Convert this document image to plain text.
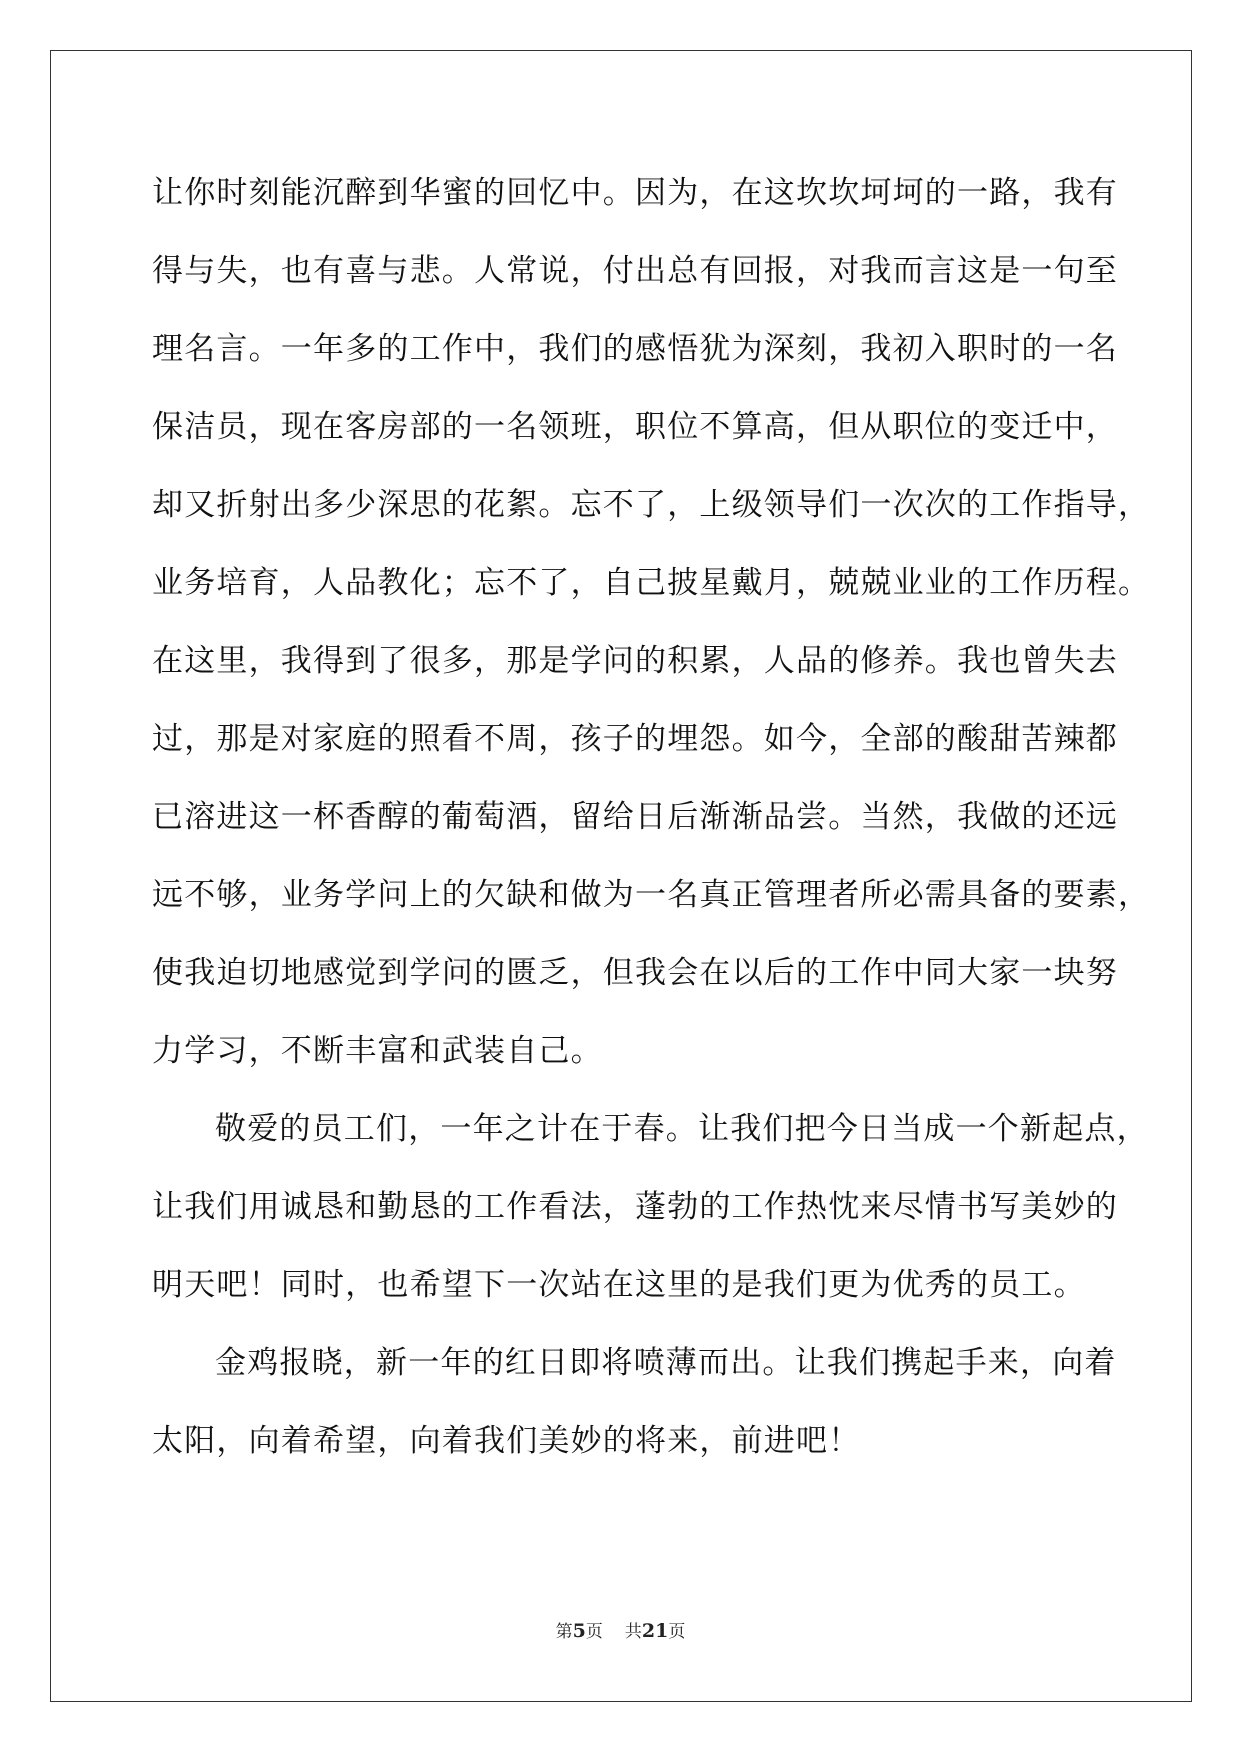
让你时刻能沉醉到华蜜的回忆中。因为，在这坎坎坷坷的一路，我有
得与失，也有喜与悲。人常说，付出总有回报，对我而言这是一句至
理名言。一年多的工作中，我们的感悟犹为深刻，我初入职时的一名
保洁员，现在客房部的一名领班，职位不算高，但从职位的变迁中，
却又折射出多少深思的花絮。忘不了，上级领导们一次次的工作指导，
业务培育，人品教化；忘不了，自己披星戴月，兢兢业业的工作历程。
在这里，我得到了很多，那是学问的积累，人品的修养。我也曾失去
过，那是对家庭的照看不周，孩子的埋怨。如今，全部的酸甜苦辣都
已溶进这一杯香醇的葡萄酒，留给日后渐渐品尝。当然，我做的还远
远不够，业务学问上的欠缺和做为一名真正管理者所必需具备的要素，
使我迫切地感觉到学问的匮乏，但我会在以后的工作中同大家一块努
力学习，不断丰富和武装自己。
敬爱的员工们，一年之计在于春。让我们把今日当成一个新起点，
让我们用诚恳和勤恳的工作看法，蓬勃的工作热忱来尽情书写美妙的
明天吧！同时，也希望下一次站在这里的是我们更为优秀的员工。
金鸡报晓，新一年的红日即将喷薄而出。让我们携起手来，向着
太阳，向着希望，向着我们美妙的将来，前进吧！
第5页 共21页
